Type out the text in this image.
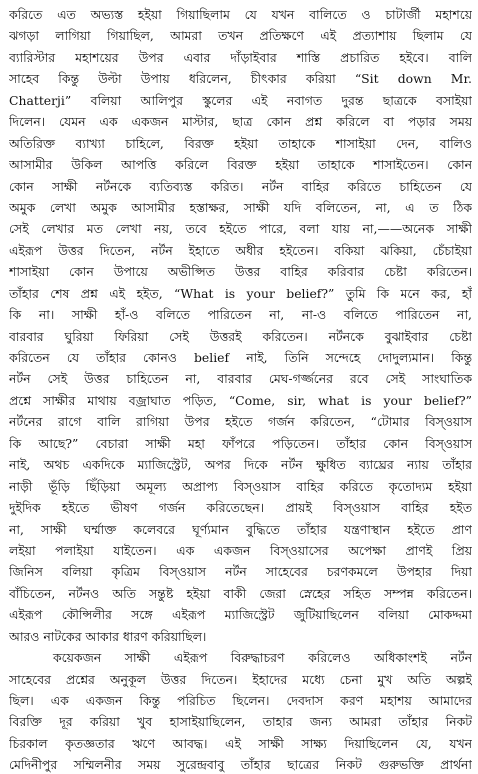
করিতে এত অভ্যস্ত হইয়া গিয়াছিলাম যে যখন বালিতে ও চাটার্জী মহাশয়ে
ঝগড়া লাগিয়া গিয়াছিল, আমরা তখন প্রতিক্ষণে এই প্রত্যাশায় ছিলাম যে
ব্যারিস্টার মহাশয়ের উপর এবার দাঁড়াইবার শাস্তি প্রচারিত হইবে। বালি
সাহেব কিন্তু উল্টা উপায় ধরিলেন, চীৎকার করিয়া “Sit down Mr.
Chatterji” বলিয়া আলিপুর স্কুলের এই নবাগত দুরন্ত ছাত্রকে বসাইয়া
দিলেন। যেমন এক একজন মাস্টার, ছাত্র কোন প্রশ্ন করিলে বা পড়ার সময়
অতিরিক্ত ব্যাখ্যা চাহিলে, বিরক্ত হইয়া তাহাকে শাসাইয়া দেন, বালিও
আসামীর উকিল আপত্তি করিলে বিরক্ত হইয়া তাহাকে শাসাইতেন। কোন
কোন সাক্ষী নর্টনকে ব্যতিব্যস্ত করিত। নর্টন বাহির করিতে চাহিতেন যে
অমুক লেখা অমুক আসামীর হস্তাক্ষর, সাক্ষী যদি বলিতেন, না, এ ত ঠিক
সেই লেখার মত লেখা নয়, তবে হইতে পারে, বলা যায় না,——অনেক সাক্ষী
এইরূপ উত্তর দিতেন, নর্টন ইহাতে অধীর হইতেন। বকিয়া ঝকিয়া, চেঁচাইয়া
শাসাইয়া কোন উপায়ে অভীপ্সিত উত্তর বাহির করিবার চেষ্টা করিতেন।
তাঁহার শেষ প্রশ্ন এই হইত, “What is your belief?” তুমি কি মনে কর, হাঁ
কি না। সাক্ষী হাঁ-ও বলিতে পারিতেন না, না-ও বলিতে পারিতেন না,
বারবার ঘুরিয়া ফিরিয়া সেই উত্তরই করিতেন। নর্টনকে বুঝাইবার চেষ্টা
করিতেন যে তাঁহার কোনও belief নাই, তিনি সন্দেহে দোদুল্যমান। কিন্তু
নর্টন সেই উত্তর চাহিতেন না, বারবার মেঘ-গর্জ্জনের রবে সেই সাংঘাতিক
প্রশ্নে সাক্ষীর মাথায় বজ্রাঘাত পড়িত, “Come, sir, what is your belief?”
নর্টনের রাগে বালি রাগিয়া উপর হইতে গর্জন করিতেন, “টোমার বিস্ওয়াস
কি আছে?” বেচারা সাক্ষী মহা ফাঁপরে পড়িতেন। তাঁহার কোন বিস্ওয়াস
নাই, অথচ একদিকে ম্যাজিস্ট্রেট, অপর দিকে নর্টন ক্ষুধিত ব্যাঘ্রের ন্যায় তাঁহার
নাড়ী ভূঁড়ি ছিঁড়িয়া অমূল্য অপ্রাপ্য বিস্ওয়াস বাহির করিতে কৃতোদ্যম হইয়া
দুইদিক হইতে ভীষণ গর্জন করিতেছেন। প্রায়ই বিস্ওয়াস বাহির হইত
না, সাক্ষী ঘর্ম্মাক্ত কলেবরে ঘূর্ণ্যমান বুদ্ধিতে তাঁহার যন্ত্রণাস্থান হইতে প্রাণ
লইয়া পলাইয়া যাইতেন। এক একজন বিস্ওয়াসের অপেক্ষা প্রাণই প্রিয়
জিনিস বলিয়া কৃত্রিম বিস্ওয়াস নর্টন সাহেবের চরণকমলে উপহার দিয়া
বাঁচিতেন, নর্টনও অতি সন্তুষ্ট হইয়া বাকী জেরা স্নেহের সহিত সম্পন্ন করিতেন।
এইরূপ কৌন্সিলীর সঙ্গে এইরূপ ম্যাজিস্ট্রেট জুটিয়াছিলেন বলিয়া মোকদ্দমা
আরও নাটকের আকার ধারণ করিয়াছিল।
কয়েকজন সাক্ষী এইরূপ বিরুদ্ধাচরণ করিলেও অধিকাংশই নর্টন
সাহেবের প্রশ্নের অনুকূল উত্তর দিতেন। ইহাদের মধ্যে চেনা মুখ অতি অল্পই
ছিল। এক একজন কিন্তু পরিচিত ছিলেন। দেবদাস করণ মহাশয় আমাদের
বিরক্তি দূর করিয়া খুব হাসাইয়াছিলেন, তাহার জন্য আমরা তাঁহার নিকট
চিরকাল কৃতজ্ঞতার ঋণে আবদ্ধ। এই সাক্ষী সাক্ষ্য দিয়াছিলেন যে, যখন
মেদিনীপুর সম্মিলনীর সময় সুরেন্দ্রবাবু তাঁহার ছাত্রের নিকট গুরুভক্তি প্রার্থনা
